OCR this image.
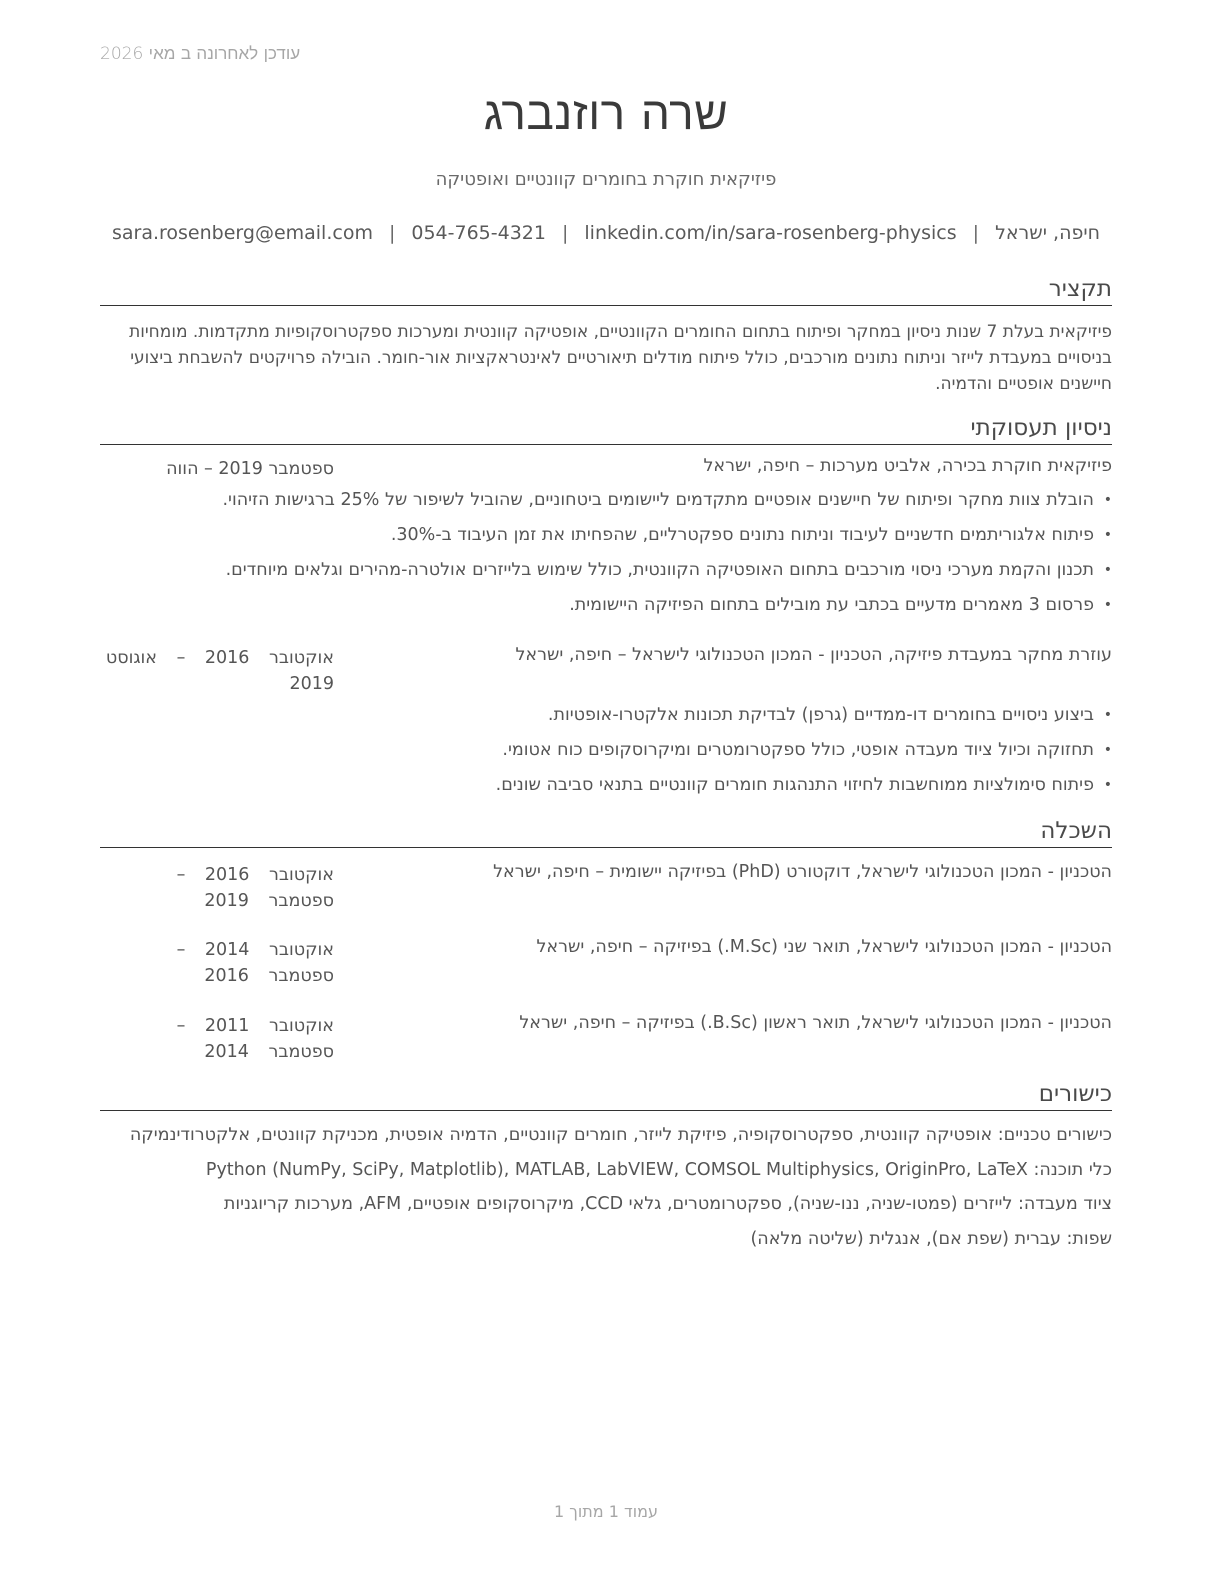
עודכן לאחרונה ב מאי 2026
שרה רוזנברג
פיזיקאית חוקרת בחומרים קוונטיים ואופטיקה
חיפה, ישראל|sara.rosenberg@email.com | 054-765-4321 | linkedin.com/in/sara-rosenberg-physics
תקציר
פיזיקאית בעלת 7 שנות ניסיון במחקר ופיתוח בתחום החומרים הקוונטיים, אופטיקה קוונטית ומערכות ספקטרוסקופיות מתקדמות. מומחיות בניסויים במעבדת לייזר וניתוח נתונים מורכבים, כולל פיתוח מודלים תיאורטיים לאינטראקציות אור-חומר. הובילה פרויקטים להשבחת ביצועי חיישנים אופטיים והדמיה.
ניסיון תעסוקתי
פיזיקאית חוקרת בכירה, אלביט מערכות – חיפה, ישראל
ספטמבר 2019 – הווה
• הובלת צוות מחקר ופיתוח של חיישנים אופטיים מתקדמים ליישומים ביטחוניים, שהוביל לשיפור של 25% ברגישות הזיהוי.
• פיתוח אלגוריתמים חדשניים לעיבוד וניתוח נתונים ספקטרליים, שהפחיתו את זמן העיבוד ב-30%.
• תכנון והקמת מערכי ניסוי מורכבים בתחום האופטיקה הקוונטית, כולל שימוש בלייזרים אולטרה-מהירים וגלאים מיוחדים.
• פרסום 3 מאמרים מדעיים בכתבי עת מובילים בתחום הפיזיקה היישומית.
עוזרת מחקר במעבדת פיזיקה, הטכניון - המכון הטכנולוגי לישראל – חיפה, ישראל
אוקטובר 2016 – אוגוסט 2019
• ביצוע ניסויים בחומרים דו-ממדיים (גרפן) לבדיקת תכונות אלקטרו-אופטיות.
• תחזוקה וכיול ציוד מעבדה אופטי, כולל ספקטרומטרים ומיקרוסקופים כוח אטומי.
• פיתוח סימולציות ממוחשבות לחיזוי התנהגות חומרים קוונטיים בתנאי סביבה שונים.
השכלה
הטכניון - המכון הטכנולוגי לישראל, דוקטורט (PhD) בפיזיקה יישומית – חיפה, ישראל
אוקטובר 2016 – ספטמבר 2019
הטכניון - המכון הטכנולוגי לישראל, תואר שני (M.Sc.) בפיזיקה – חיפה, ישראל
אוקטובר 2014 – ספטמבר 2016
הטכניון - המכון הטכנולוגי לישראל, תואר ראשון (B.Sc.) בפיזיקה – חיפה, ישראל
אוקטובר 2011 – ספטמבר 2014
כישורים
כישורים טכניים: אופטיקה קוונטית, ספקטרוסקופיה, פיזיקת לייזר, חומרים קוונטיים, הדמיה אופטית, מכניקת קוונטים, אלקטרודינמיקה
כלי תוכנה: Python (NumPy, SciPy, Matplotlib), MATLAB, LabVIEW, COMSOL Multiphysics, OriginPro, LaTeX
ציוד מעבדה: לייזרים (פמטו-שניה, ננו-שניה), ספקטרומטרים, גלאי CCD, מיקרוסקופים אופטיים, AFM, מערכות קריוגניות
שפות: עברית (שפת אם), אנגלית (שליטה מלאה)
עמוד 1 מתוך 1
